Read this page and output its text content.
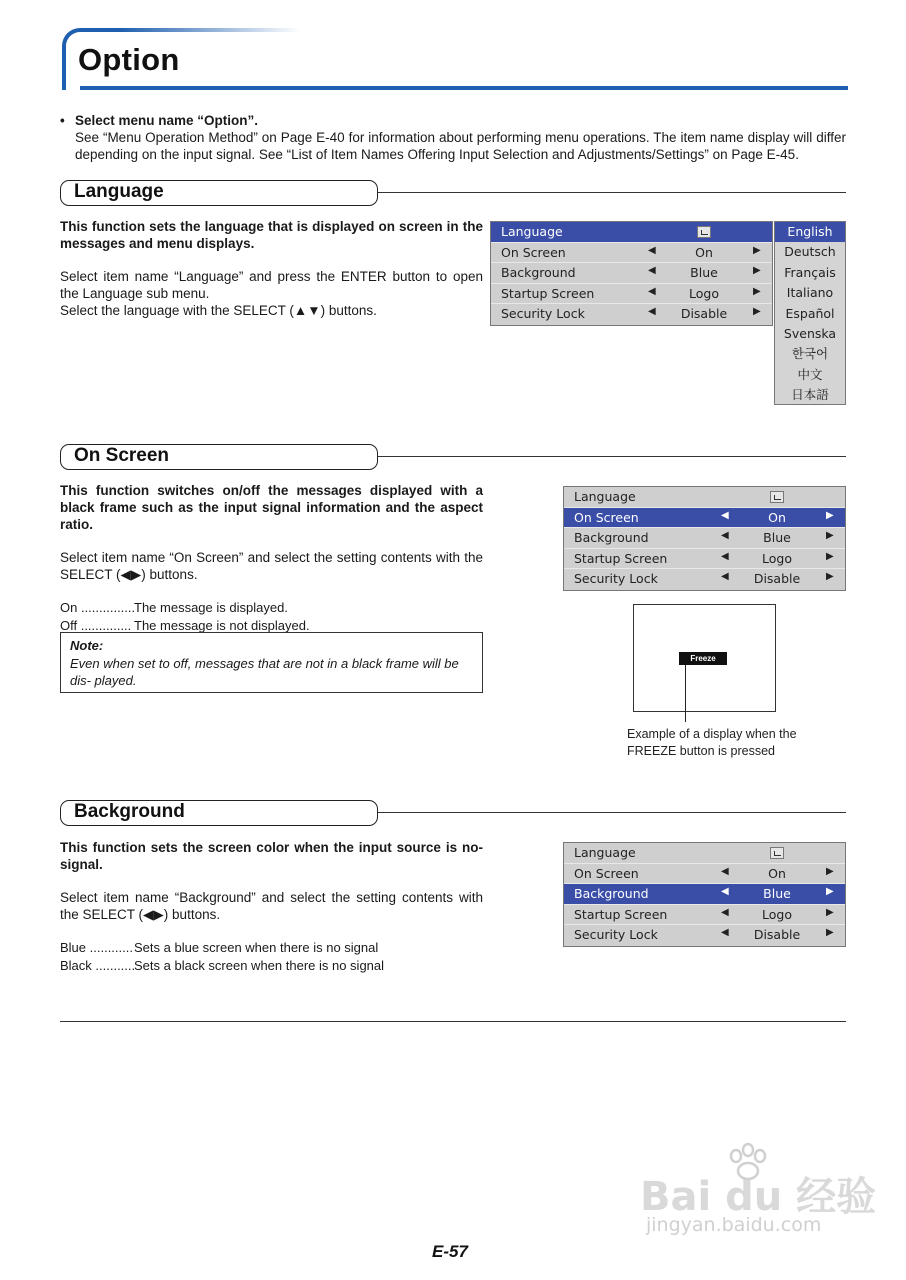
Option
• Select menu name “Option”.
See “Menu Operation Method” on Page E-40 for information about performing menu operations. The item name display will differ depending on the input signal. See “List of Item Names Offering Input Selection and Adjustments/Settings” on Page E-45.
Language

This function sets the language that is displayed on screen in the messages and menu displays.

Select item name “Language” and press the ENTER button to open the Language sub menu.
Select the language with the SELECT (▲▼) buttons.
Language
On Screen	◀	On	▶
Background	◀	Blue	▶
Startup Screen	◀	Logo	▶
Security Lock	◀	Disable	▶
English
Deutsch
Français
Italiano
Español
Svenska
한국어
中文
日本語
On Screen

This function switches on/off the messages displayed with a black frame such as the input signal information and the aspect ratio.

Select item name “On Screen” and select the setting contents with the SELECT (◀▶) buttons.

On ...............
The message is displayed.
Off .............. The message is not displayed.
Note:
Even when set to off, messages that are not in a black frame will be dis- played.
Language
On Screen	◀	On	▶
Background	◀	Blue	▶
Startup Screen	◀	Logo	▶
Security Lock	◀	Disable	▶
Freeze
Example of a display when the
FREEZE button is pressed
Background

This function sets the screen color when the input source is no-signal.

Select item name “Background” and select the setting contents with the SELECT (◀▶) buttons.

Blue ............ Sets a blue screen when there is no signal
Black ...........
Sets a black screen when there is no signal
Language
On Screen	◀	On	▶
Background	◀	Blue	▶
Startup Screen	◀	Logo	▶
Security Lock	◀	Disable	▶
Bai du 经验
jingyan.baidu.com
E-57
